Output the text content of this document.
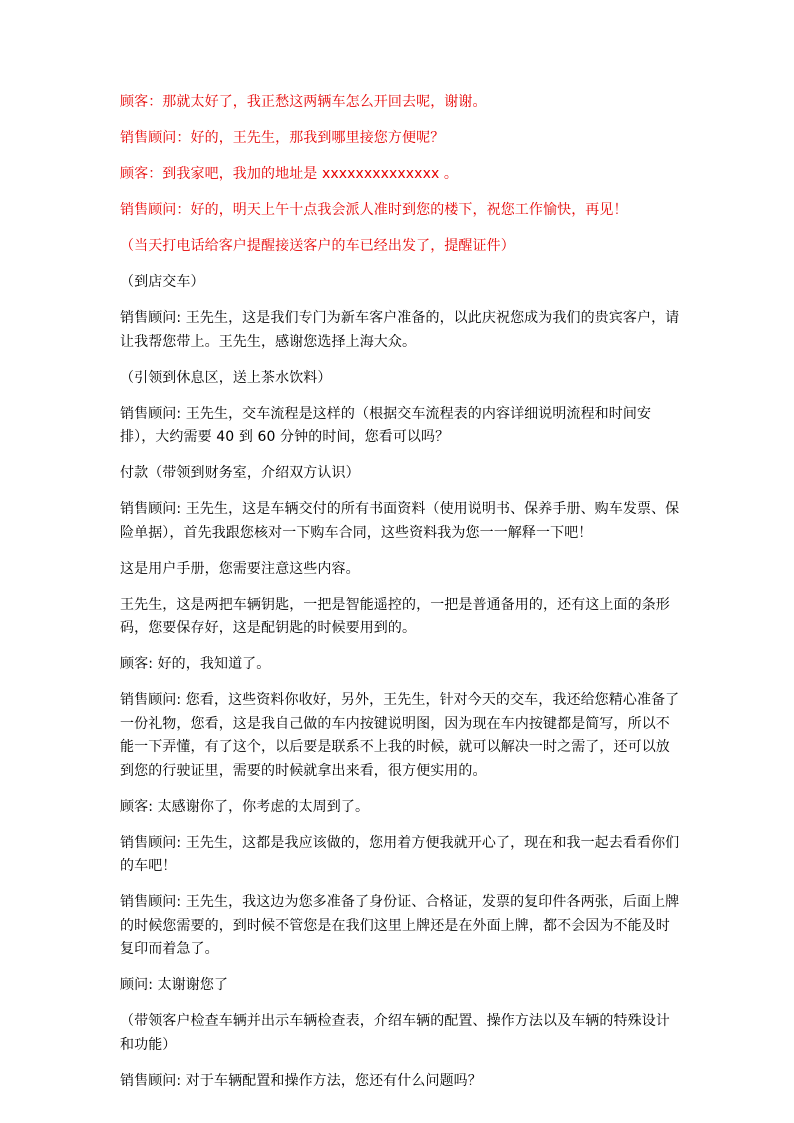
顾客：那就太好了，我正愁这两辆车怎么开回去呢，谢谢。

销售顾问：好的，王先生，那我到哪里接您方便呢？

顾客：到我家吧，我加的地址是 xxxxxxxxxxxxxx 。

销售顾问：好的，明天上午十点我会派人准时到您的楼下，祝您工作愉快，再见！

（当天打电话给客户提醒接送客户的车已经出发了，提醒证件）

（到店交车）

销售顾问: 王先生，这是我们专门为新车客户准备的，以此庆祝您成为我们的贵宾客户，请让我帮您带上。王先生，感谢您选择上海大众。

（引领到休息区，送上茶水饮料）

销售顾问: 王先生，交车流程是这样的（根据交车流程表的内容详细说明流程和时间安排），大约需要 40 到 60 分钟的时间，您看可以吗？

付款（带领到财务室，介绍双方认识）

销售顾问: 王先生，这是车辆交付的所有书面资料（使用说明书、保养手册、购车发票、保险单据），首先我跟您核对一下购车合同，这些资料我为您一一解释一下吧！

这是用户手册，您需要注意这些内容。

王先生，这是两把车辆钥匙，一把是智能遥控的，一把是普通备用的，还有这上面的条形码，您要保存好，这是配钥匙的时候要用到的。

顾客: 好的，我知道了。

销售顾问: 您看，这些资料你收好，另外，王先生，针对今天的交车，我还给您精心准备了一份礼物，您看，这是我自己做的车内按键说明图，因为现在车内按键都是简写，所以不能一下弄懂，有了这个，以后要是联系不上我的时候，就可以解决一时之需了，还可以放到您的行驶证里，需要的时候就拿出来看，很方便实用的。

顾客: 太感谢你了，你考虑的太周到了。

销售顾问: 王先生，这都是我应该做的，您用着方便我就开心了，现在和我一起去看看你们的车吧！

销售顾问: 王先生，我这边为您多准备了身份证、合格证，发票的复印件各两张，后面上牌的时候您需要的，到时候不管您是在我们这里上牌还是在外面上牌，都不会因为不能及时复印而着急了。

顾问: 太谢谢您了

（带领客户检查车辆并出示车辆检查表，介绍车辆的配置、操作方法以及车辆的特殊设计和功能）

销售顾问: 对于车辆配置和操作方法，您还有什么问题吗？
